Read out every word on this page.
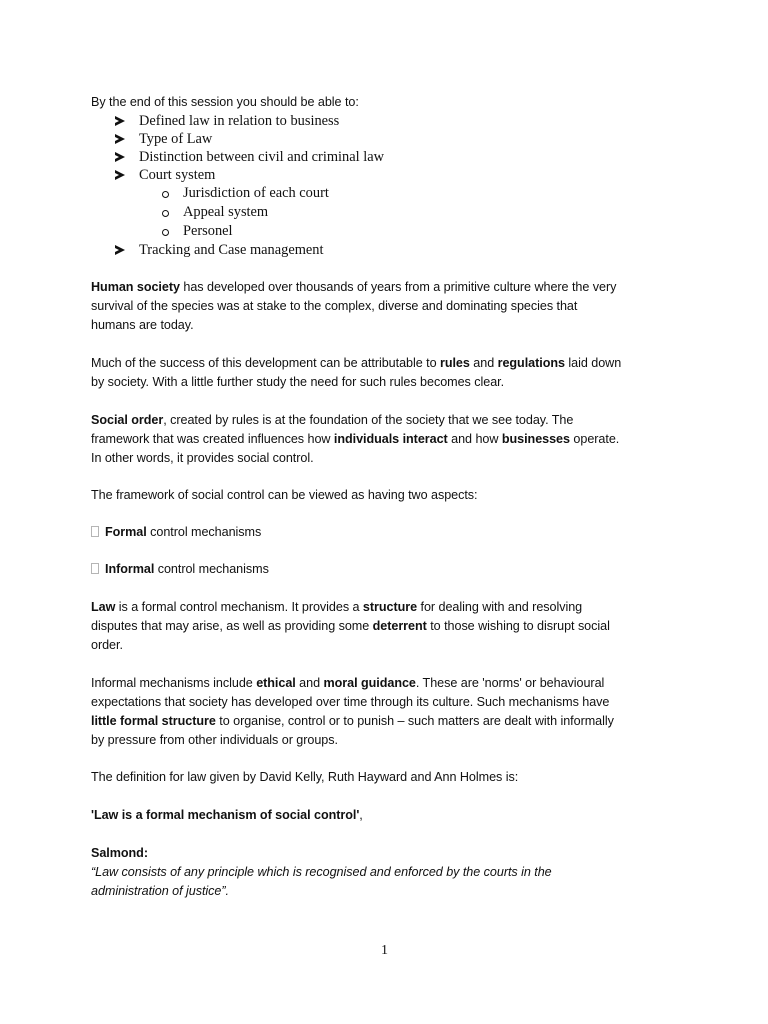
By the end of this session you should be able to:
Defined law in relation to business
Type of Law
Distinction between civil and criminal law
Court system
Jurisdiction of each court
Appeal system
Personel
Tracking and Case management
Human society has developed over thousands of years from a primitive culture where the very
survival of the species was at stake to the complex, diverse and dominating species that
humans are today.
Much of the success of this development can be attributable to rules and regulations laid down
by society. With a little further study the need for such rules becomes clear.
Social order, created by rules is at the foundation of the society that we see today. The
framework that was created influences how individuals interact and how businesses operate.
In other words, it provides social control.
The framework of social control can be viewed as having two aspects:
Formal control mechanisms
Informal control mechanisms
Law is a formal control mechanism. It provides a structure for dealing with and resolving
disputes that may arise, as well as providing some deterrent to those wishing to disrupt social
order.
Informal mechanisms include ethical and moral guidance. These are 'norms' or behavioural
expectations that society has developed over time through its culture. Such mechanisms have
little formal structure to organise, control or to punish – such matters are dealt with informally
by pressure from other individuals or groups.
The definition for law given by David Kelly, Ruth Hayward and Ann Holmes is:
'Law is a formal mechanism of social control',
Salmond:
“Law consists of any principle which is recognised and enforced by the courts in the
administration of justice”.
1
